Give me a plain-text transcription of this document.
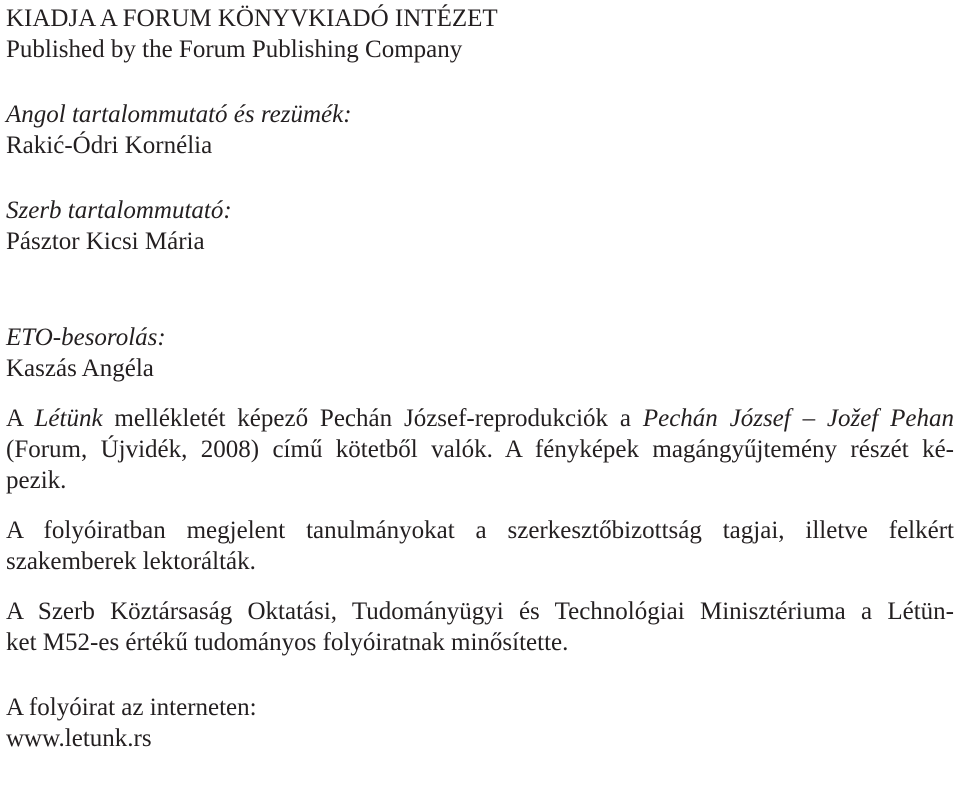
KIADJA A FORUM KÖNYVKIADÓ INTÉZET
Published by the Forum Publishing Company
Angol tartalommutató és rezümék:
Rakić-Ódri Kornélia
Szerb tartalommutató:
Pásztor Kicsi Mária
ETO-besorolás:
Kaszás Angéla
A Létünk mellékletét képező Pechán József-reprodukciók a Pechán József – Jožef Pehan
(Forum, Újvidék, 2008) című kötetből valók. A fényképek magángyűjtemény részét ké-
pezik.
A folyóiratban megjelent tanulmányokat a szerkesztőbizottság tagjai, illetve felkért
szakemberek lektorálták.
A Szerb Köztársaság Oktatási, Tudományügyi és Technológiai Minisztériuma a Létün-
ket M52-es értékű tudományos folyóiratnak minősítette.
A folyóirat az interneten:
www.letunk.rs
